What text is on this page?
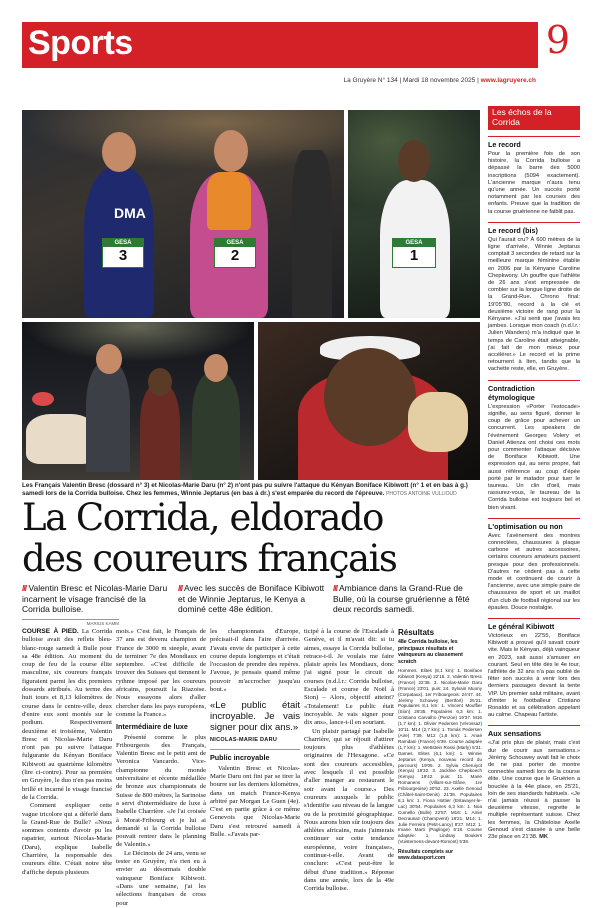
Sports	9
La Gruyère N° 134 | Mardi 18 novembre 2025 | www.lagruyere.ch
DMA
GESA
3
GESA
2
GESA
1
Les Français Valentin Bresc (dossard n° 3) et Nicolas-Marie Daru (n° 2) n'ont pas pu suivre l'attaque du Kényan Boniface Kibiwott (n° 1 et en bas à g.) samedi lors de la Corrida bulloise. Chez les femmes, Winnie Jeptarus (en bas à dr.) s'est emparée du record de l'épreuve. PHOTOS ANTOINE VULLIOUD
La Corrida, eldorado
des coureurs français
/// Valentin Bresc et Nicolas-Marie Daru incarnent le visage francisé de la Corrida bulloise.
/// Avec les succès de Boniface Kibiwott et de Winnie Jeptarus, le Kenya a dominé cette 48e édition.
/// Ambiance dans la Grand-Rue de Bulle, où la course gruérienne a fêté deux records samedi.
MARIUS KAMM

COURSE À PIED. La Corrida bulloise avait des reflets bleu-blanc-rouge samedi à Bulle pour sa 48e édition. Au moment du coup de feu de la course élite masculine, six coureurs français figuraient parmi les dix premiers dossards attribués. Au terme des huit tours et 8,13 kilomètres de course dans le centre-ville, deux d'entre eux sont montés sur le podium. Respectivement deuxième et troisième, Valentin Bresc et Nicolas-Marie Daru n'ont pas pu suivre l'attaque fulgurante du Kényan Boniface Kibiwott au quatrième kilomètre (lire ci-contre). Pour sa première en Gruyère, le duo n'en pas moins brillé et incarné le visage francisé de la Corrida.

Comment expliquer cette vague tricolore qui a déferlé dans la Grand-Rue de Bulle? «Nous sommes contents d'avoir pu les rapatrier, surtout Nicolas-Marie (Daru), explique Isabelle Charrière, la responsable des coureurs élite. C'était notre tête d'affiche depuis plusieurs

mois.» C'est fait, le Français de 37 ans est devenu champion de France de 3000 m steeple, avant de terminer 7e des Mondiaux en septembre. «C'est difficile de trouver des Suisses qui tiennent le rythme imposé par les coureurs africains, poursuit la Riazoise. Nous essayons alors d'aller chercher dans les pays européens, comme la France.»

Intermédiaire de luxe

Présenté comme le plus Fribourgeois des Français, Valentin Bresc est le petit ami de Veronica Vancardo. Vice-championne du monde universitaire et récente médaillée de bronze aux championnats de Suisse de 800 mètres, la Sarinoise a servi d'intermédiaire de luxe à Isabelle Charrière. «Je l'ai croisée à Morat-Fribourg et je lui ai demandé si la Corrida bulloise pouvait rentrer dans le planning de Valentin.»

Le Décinois de 24 ans, venu se tester en Gruyère, n'a rien eu à envier au désormais double vainqueur Boniface Kibiwott. «Dans une semaine, j'ai les sélections françaises de cross pour

les championnats d'Europe, précisait-il dans l'aire d'arrivée. J'avais envie de participer à cette course depuis longtemps et c'était l'occasion de prendre des repères. J'avoue, je pensais quand même pouvoir m'accrocher jusqu'au bout.»

«Le public était incroyable. Je vais signer pour dix ans.»
NICOLAS-MARIE DARU
Public incroyable

Valentin Bresc et Nicolas-Marie Daru ont fini par se tirer la bourre sur les derniers kilomètres, dans un match France-Kenya arbitré par Morgan Le Guen (4e). C'est en partie grâce à ce même Genevois que Nicolas-Marie Daru s'est retrouvé samedi à Bulle. «J'avais par-

ticipé à la course de l'Escalade à Genève, et il m'avait dit: si tu aimes, essaye la Corrida bulloise, retrace-t-il. Je voulais me faire plaisir après les Mondiaux, donc j'ai signé pour le circuit de courses (n.d.l.r.: Corrida bulloise, Escalade et course de Noël à Sion) – Alors, objectif atteint? «Totalement! Le public était incroyable. Je vais signer pour dix ans», lance-t-il en souriant.

Un plaisir partagé par Isabelle Charrière, qui se réjouit d'attirer toujours plus d'athlètes originaires de l'Hexagone. «Ce sont des coureurs accessibles, avec lesquels il est possible d'aller manger au restaurant le soir avant la course.» Des coureurs auxquels le public s'identifie «au niveau de la langue ou de la proximité géographique. Nous aurons bien sûr toujours des athlètes africains, mais j'aimerais continuer sur cette tendance européenne, voire française», continue-t-elle. Avant de conclure: «C'est peut-être le début d'une tradition.» Réponse dans une année, lors de la 49e Corrida bulloise.

Résultats
48e Corrida bulloise, les principaux résultats et vainqueurs au classement scratch
Hommes. Elites (8,1 km): 1. Boniface Kibiwott (Kenya) 22'15. 2. Valentin Bresc (France) 22'38. 3. Nicolas-Marie Daru (France) 23'01. puis: 24. Sylvain Muony (Corpataux). 1er Fribourgeois: 24'47. 44. Jérémy Schowey (Bertfort) 25'21. Populaires 8,1 km: 1. Vincent Mouffier (Sion) 26'35. Populaires 6,3 km: 1. Cristiano Carvalho (Penzoe) 19'37. M16 (1,7 km): 1. Olivier Pedersen (Vérossaz) 10'11. M14 (2,7 km): 1. Tomás Pedersen (Aire) 7'39. M12 (1,8 km): 1. Anaé Ramdani (France) 6'39. Course adaptée (1,7 km): 1. Wettstein Rossi (Marly) 5'31. Dames. Elites (6,1 km): 1. Winnie Jeptarus (Kenya, nouveau record du parcours) 19'05. 2. Sylvia Cheruiyot (Kenya) 19'32. 3. Jackline Chepkoech (Kenya) 19'42. puis: 11. Marie Romanens (Villars-sur-Glâne, 1re Fribourgeoise) 20'52. 23. Axelle Genoud (Châtel-Saint-Denis) 21'38. Populaires 8,1 km: 1. Fiona Hottier (Estavayer-le-Lac) 30'54. Populaires 6,3 km: 1. Noa Cumello (Bulle) 22'57. M16: 1. Amie Decrausaz (Champvent) 18'21. M14: 1. Julie Ferreira (Petit-Lancy) 8'27. M12: 1. Imane Marti (Paglinge) 6'18. Course adaptée: 1. Lindsay Boukers (Vuisternens-devant-Romont) 5'38.
Résultats complets sur www.datasport.com
Les échos de la Corrida
Le record

Pour la première fois de son histoire, la Corrida bulloise a dépassé la barre des 5000 inscriptions (5094 exactement). L'ancienne marque n'aura tenu qu'une année. Un succès porté notamment par les courses des enfants. Preuve que la tradition de la course gruérienne ne faiblit pas.

Le record (bis)

Qui l'aurait cru? À 600 mètres de la ligne d'arrivée, Winnie Jeptarus comptait 3 secondes de retard sur la meilleure marque féminine établie en 2006 par la Kényane Caroline Chepkwony. Un gouffre que l'athlète de 26 ans s'est empressée de combler sur la longue ligne droite de la Grand-Rue. Chrono final: 19'05''80, record à la clé et deuxième victoire de rang pour la Kényane. «J'ai senti que j'avais les jambes. Lorsque mon coach (n.d.l.r.: Julien Wanders) m'a indiqué que le temps de Caroline était atteignable, j'ai fait de mon mieux pour accélérer.» Le record et la prime retournent à Iten, tandis que la vachette reste, elle, en Gruyère.

Contradiction étymologique

L'expression «Porter l'estocade» signifie, au sens figuré, donner le coup de grâce pour achever un concurrent. Les speakers de l'événement Georges Volery et Daniel Atienza ont choisi ces mots pour commenter l'attaque décisive de Boniface Kibiwott. Une expression qui, au sens propre, fait aussi référence au coup d'épée porté par le matador pour tuer le taureau. Un clin d'œil, mais rassurez-vous, le taureau de la Corrida bulloise est toujours bel et bien vivant.

L'optimisation ou non

Avec l'avènement des montres connectées, chaussures à plaque carbone et autres accessoires, certains coureurs amateurs passent presque pour des professionnels. D'autres ne cèdent pas à cette mode et continuent de courir à l'ancienne, avec une simple paire de chaussures de sport et un maillot d'un club de football régional sur les épaules. Douce nostalgie.

Le général Kibiwott

Victorieux en 22'55, Boniface Kibiwott a prouvé qu'il savait courir vite. Mais le Kényan, déjà vainqueur en 2023, sait aussi s'amuser en courant. Seul en tête dès le 4e tour, l'athlète de 32 ans n'a pas oublié de fêter son succès à venir lors des derniers passages devant la tente VIP. Un premier salut militaire, avant d'imiter le footballeur Cristiano Ronaldo et sa célébration appelant au calme. Chapeau l'artiste.

Aux sensations

«J'ai pris plus de plaisir, mais c'est dur de courir aux sensations.» Jérémy Schouwey avait fait le choix de ne pas porter de montre connectée samedi lors de la course élite. Une course que le Gruérien a bouclée à la 44e place, en 25'21, loin de ses standards habituels. «Je n'ai jamais réussi à passer la deuxième vitesse, regrette le multiple représentant suisse. Chez les femmes, la Châteloise Axelle Genoud s'est classée à une belle 23e place en 21'38. MK
